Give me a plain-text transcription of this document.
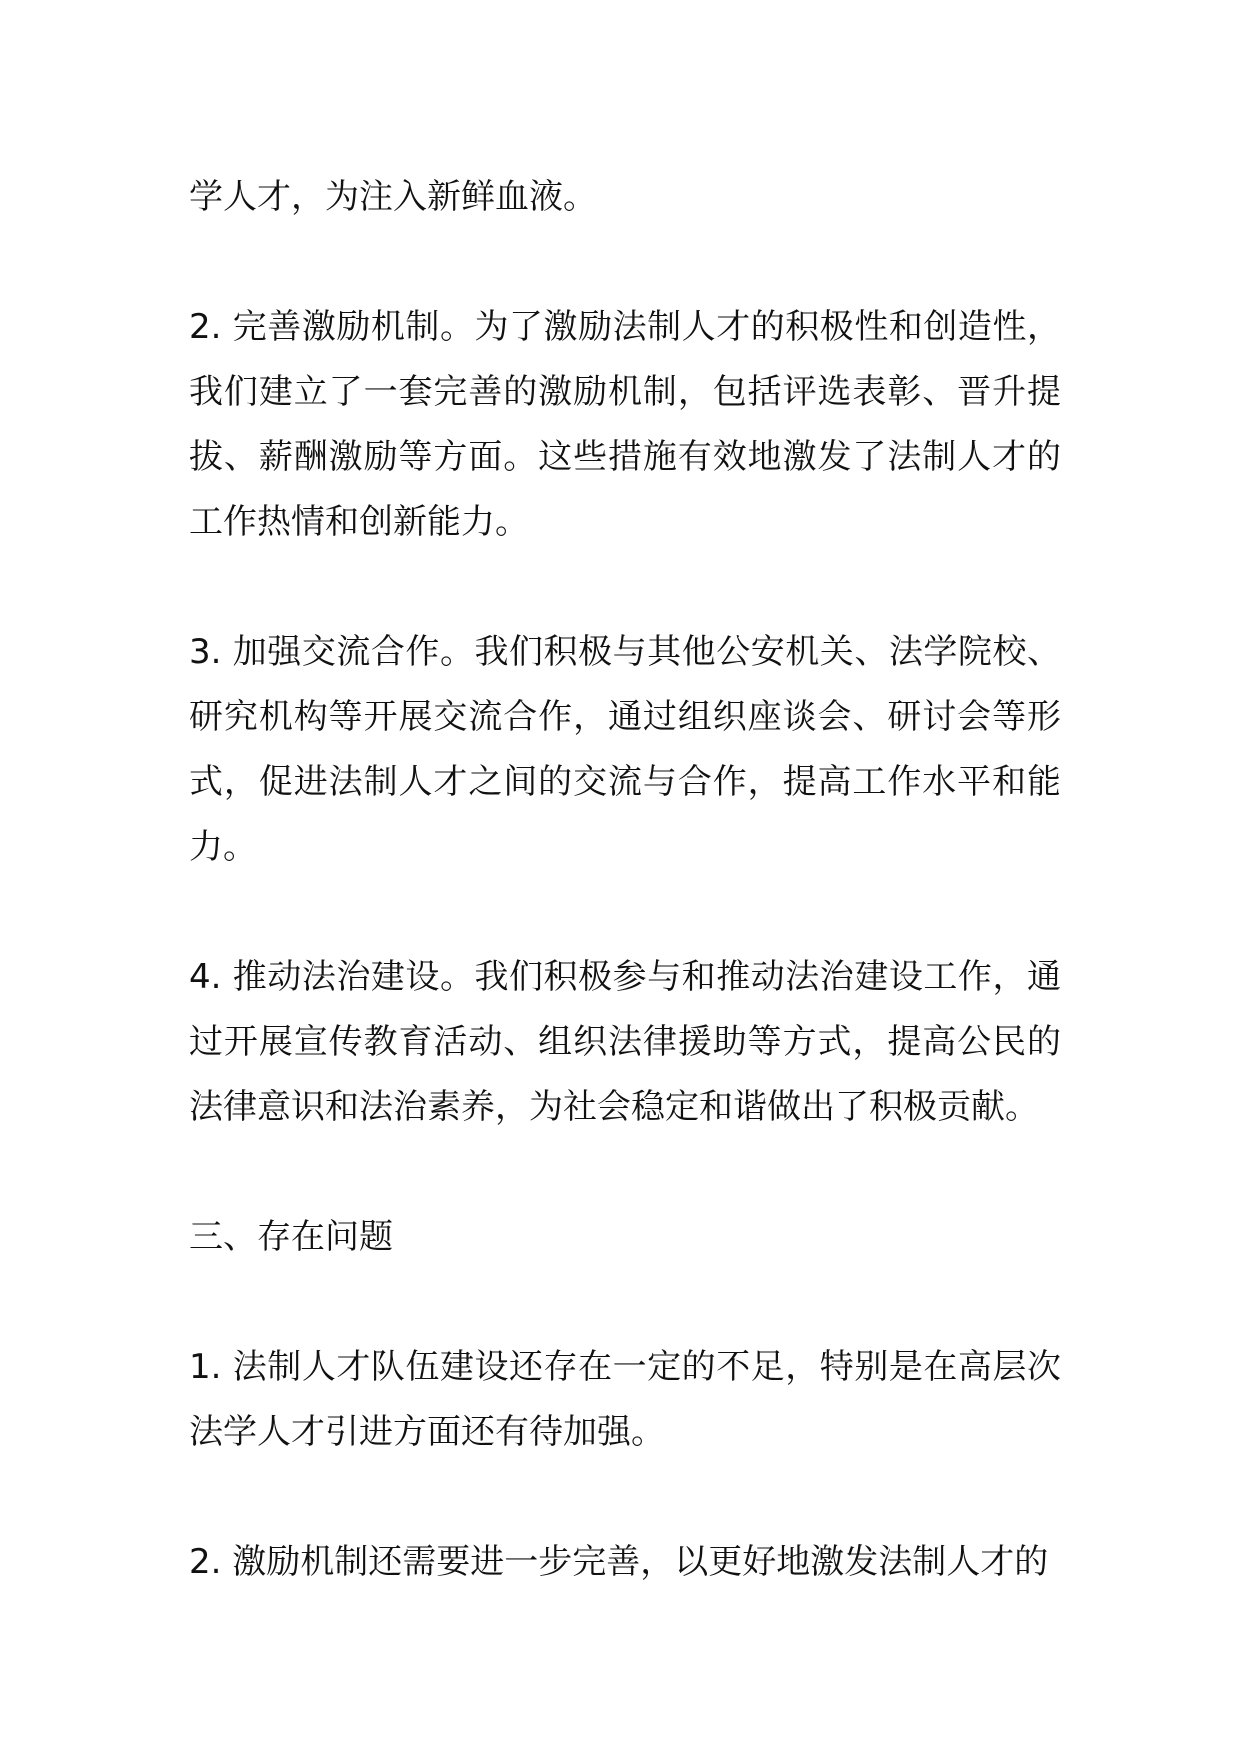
学人才，为注入新鲜血液。

2. 完善激励机制。为了激励法制人才的积极性和创造性，我们建立了一套完善的激励机制，包括评选表彰、晋升提拔、薪酬激励等方面。这些措施有效地激发了法制人才的工作热情和创新能力。

3. 加强交流合作。我们积极与其他公安机关、法学院校、研究机构等开展交流合作，通过组织座谈会、研讨会等形式，促进法制人才之间的交流与合作，提高工作水平和能力。

4. 推动法治建设。我们积极参与和推动法治建设工作，通过开展宣传教育活动、组织法律援助等方式，提高公民的法律意识和法治素养，为社会稳定和谐做出了积极贡献。

三、存在问题

1. 法制人才队伍建设还存在一定的不足，特别是在高层次法学人才引进方面还有待加强。

2. 激励机制还需要进一步完善，以更好地激发法制人才的
